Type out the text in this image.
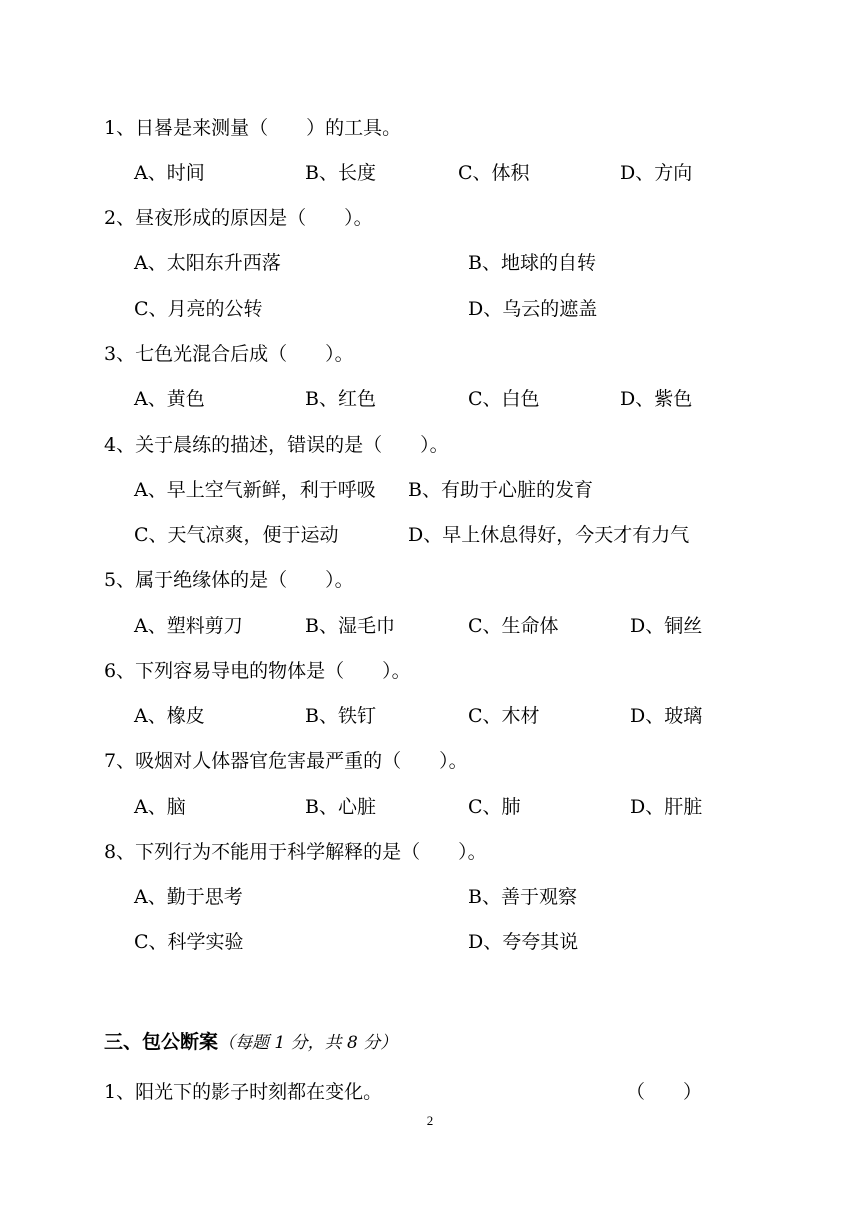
1、日晷是来测量（　　）的工具。
A、时间	B、长度	C、体积	D、方向
2、昼夜形成的原因是（　　）。
A、太阳东升西落	B、地球的自转
C、月亮的公转	D、乌云的遮盖
3、七色光混合后成（　　）。
A、黄色	B、红色	C、白色	D、紫色
4、关于晨练的描述，错误的是（　　）。
A、早上空气新鲜，利于呼吸 B、有助于心脏的发育
C、天气凉爽，便于运动	D、早上休息得好，今天才有力气
5、属于绝缘体的是（　　）。
A、塑料剪刀	B、湿毛巾	C、生命体	D、铜丝
6、下列容易导电的物体是（　　）。
A、橡皮	B、铁钉	C、木材	D、玻璃
7、吸烟对人体器官危害最严重的（　　）。
A、脑	B、心脏	C、肺	D、肝脏
8、下列行为不能用于科学解释的是（　　）。
A、勤于思考	B、善于观察
C、科学实验	D、夸夸其说
三、包公断案（每题 1 分，共 8 分）
1、阳光下的影子时刻都在变化。	（　　）
2
